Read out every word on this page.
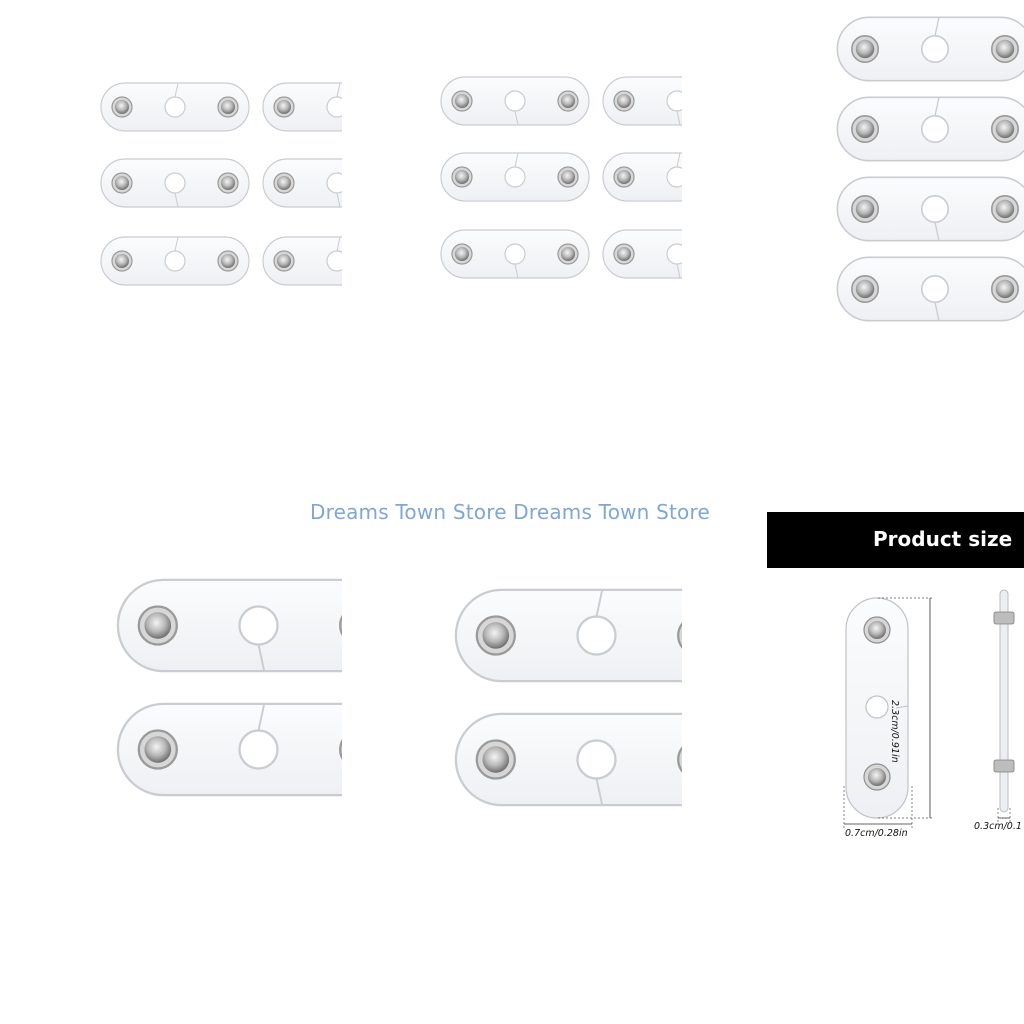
Dreams Town Store Dreams Town Store
Product size
2.3cm/0.91in
0.7cm/0.28in
0.3cm/0.1
